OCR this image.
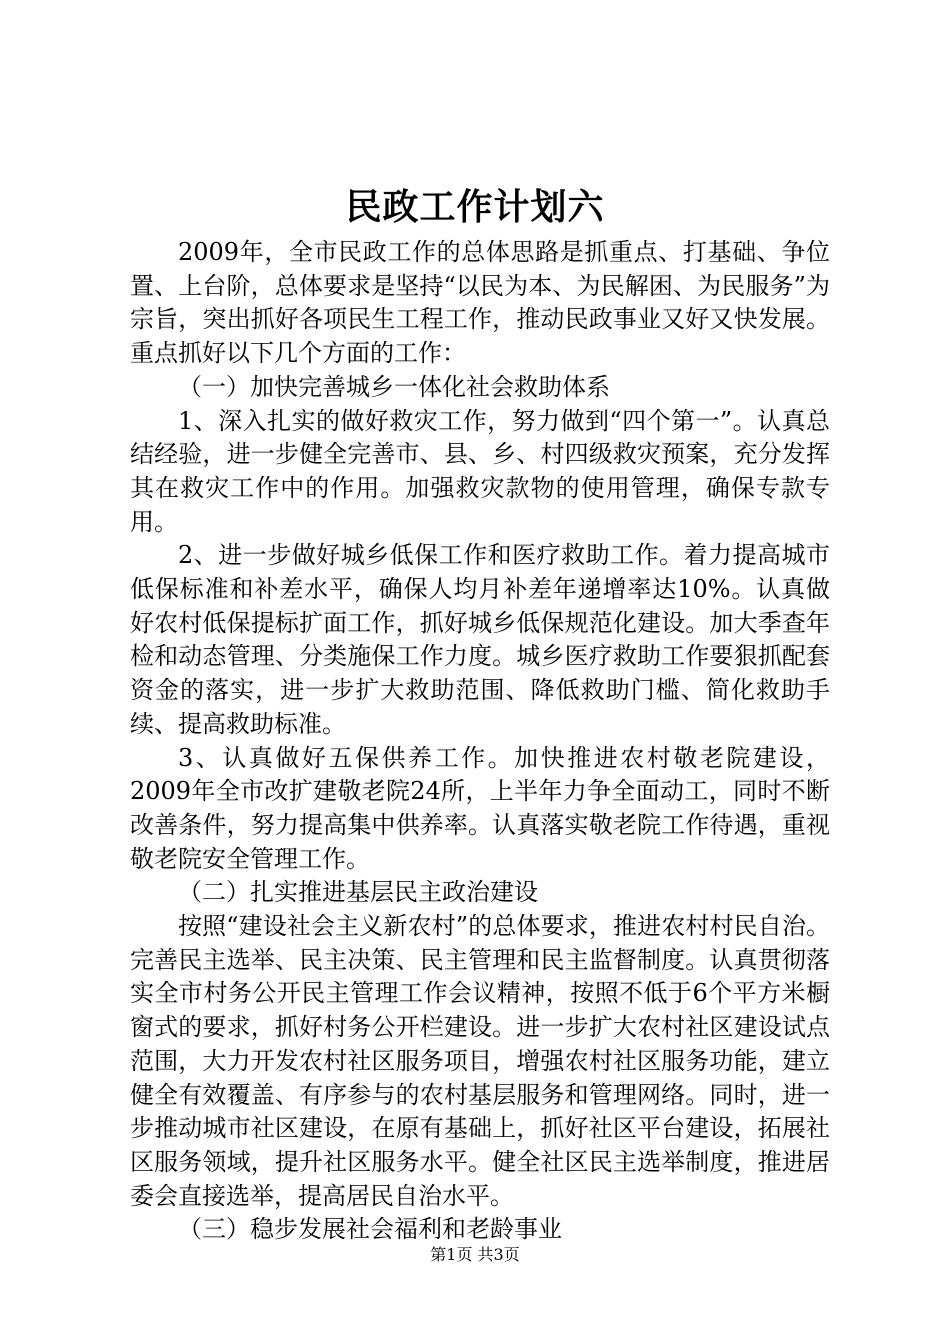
民政工作计划六

2009年，全市民政工作的总体思路是抓重点、打基础、争位置、上台阶，总体要求是坚持“以民为本、为民解困、为民服务”为宗旨，突出抓好各项民生工程工作，推动民政事业又好又快发展。重点抓好以下几个方面的工作：

（一）加快完善城乡一体化社会救助体系

1、深入扎实的做好救灾工作，努力做到“四个第一”。认真总结经验，进一步健全完善市、县、乡、村四级救灾预案，充分发挥其在救灾工作中的作用。加强救灾款物的使用管理，确保专款专用。

2、进一步做好城乡低保工作和医疗救助工作。着力提高城市低保标准和补差水平，确保人均月补差年递增率达10%。认真做好农村低保提标扩面工作，抓好城乡低保规范化建设。加大季查年检和动态管理、分类施保工作力度。城乡医疗救助工作要狠抓配套资金的落实，进一步扩大救助范围、降低救助门槛、简化救助手续、提高救助标准。

3、认真做好五保供养工作。加快推进农村敬老院建设，2009年全市改扩建敬老院24所，上半年力争全面动工，同时不断改善条件，努力提高集中供养率。认真落实敬老院工作待遇，重视敬老院安全管理工作。

（二）扎实推进基层民主政治建设

按照“建设社会主义新农村”的总体要求，推进农村村民自治。完善民主选举、民主决策、民主管理和民主监督制度。认真贯彻落实全市村务公开民主管理工作会议精神，按照不低于6个平方米橱窗式的要求，抓好村务公开栏建设。进一步扩大农村社区建设试点范围，大力开发农村社区服务项目，增强农村社区服务功能，建立健全有效覆盖、有序参与的农村基层服务和管理网络。同时，进一步推动城市社区建设，在原有基础上，抓好社区平台建设，拓展社区服务领域，提升社区服务水平。健全社区民主选举制度，推进居委会直接选举，提高居民自治水平。

（三）稳步发展社会福利和老龄事业

第1页 共3页
